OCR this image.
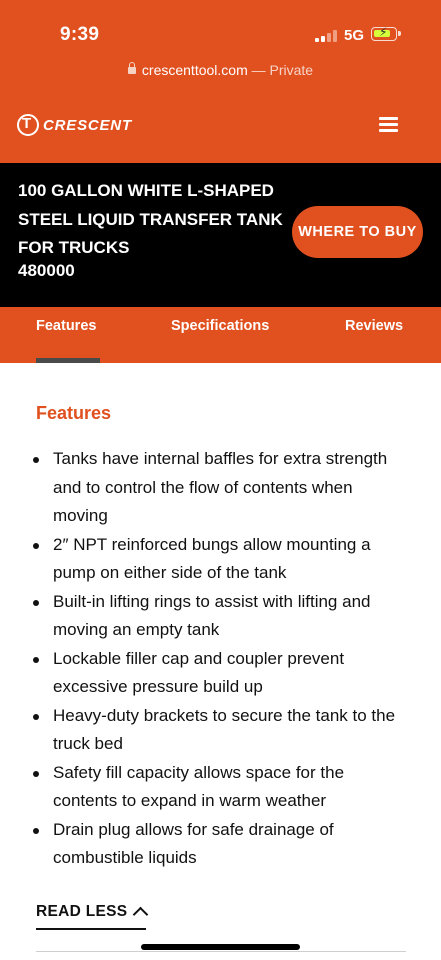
9:39	5G ⚡
crescenttool.com — Private
T
CRESCENT
100 GALLON WHITE L-SHAPED STEEL LIQUID TRANSFER TANK FOR TRUCKS
480000
WHERE TO BUY
Features	Specifications	Reviews
Features
Tanks have internal baffles for extra strength and to control the flow of contents when moving
2″ NPT reinforced bungs allow mounting a pump on either side of the tank
Built-in lifting rings to assist with lifting and moving an empty tank
Lockable filler cap and coupler prevent excessive pressure build up
Heavy-duty brackets to secure the tank to the truck bed
Safety fill capacity allows space for the contents to expand in warm weather
Drain plug allows for safe drainage of combustible liquids
READ LESS
